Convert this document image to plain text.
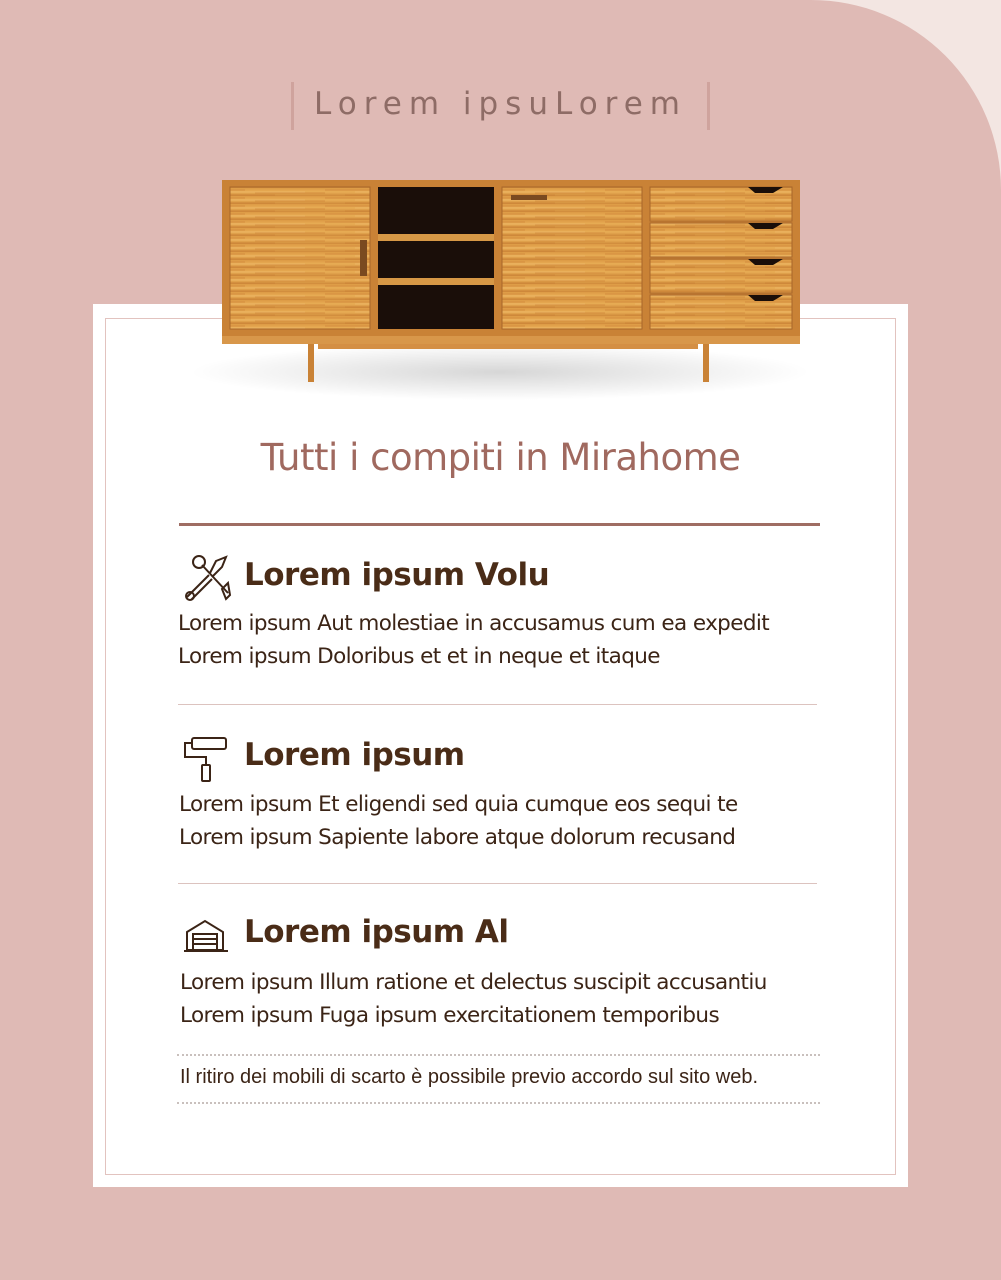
Lorem ipsuLorem
Tutti i compiti in Mirahome
Lorem ipsum Volu
Lorem ipsum Aut molestiae in accusamus cum ea expedit
Lorem ipsum Doloribus et et in neque et itaque
Lorem ipsum
Lorem ipsum Et eligendi sed quia cumque eos sequi te
Lorem ipsum Sapiente labore atque dolorum recusand
Lorem ipsum Al
Lorem ipsum Illum ratione et delectus suscipit accusantiu
Lorem ipsum Fuga ipsum exercitationem temporibus
Il ritiro dei mobili di scarto è possibile previo accordo sul sito web.
